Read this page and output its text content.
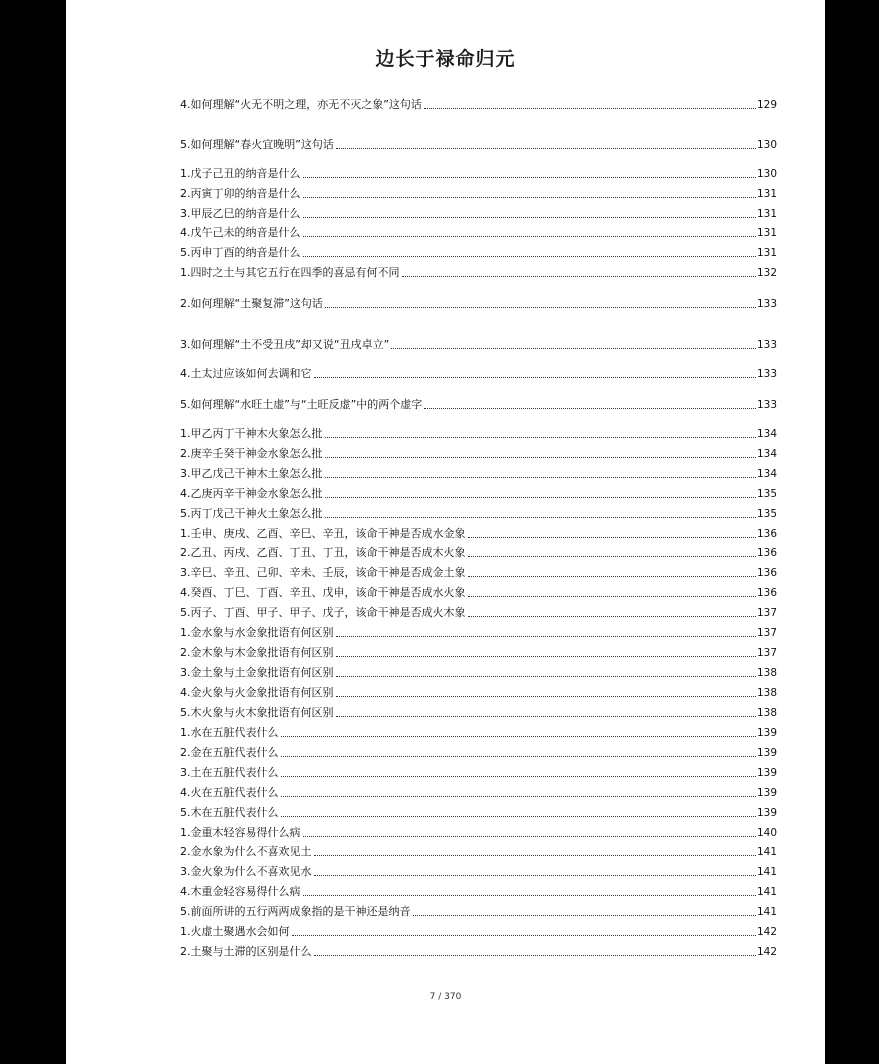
边长于禄命归元
4.如何理解“火无不明之理，亦无不灭之象”这句话	129
5.如何理解“春火宜晚明”这句话	130
1.戊子己丑的纳音是什么	130
2.丙寅丁卯的纳音是什么	131
3.甲辰乙巳的纳音是什么	131
4.戊午己未的纳音是什么	131
5.丙申丁酉的纳音是什么	131
1.四时之土与其它五行在四季的喜忌有何不同	132
2.如何理解“土聚复滞”这句话	133
3.如何理解“土不受丑戌”却又说“丑戌卓立”	133
4.土太过应该如何去调和它	133
5.如何理解“水旺土虚”与“土旺反虚”中的两个虚字	133
1.甲乙丙丁干神木火象怎么批	134
2.庚辛壬癸干神金水象怎么批	134
3.甲乙戊己干神木土象怎么批	134
4.乙庚丙辛干神金水象怎么批	135
5.丙丁戊己干神火土象怎么批	135
1.壬申、庚戌、乙酉、辛巳、辛丑，该命干神是否成水金象	136
2.乙丑、丙戌、乙酉、丁丑、丁丑，该命干神是否成木火象	136
3.辛巳、辛丑、己卯、辛未、壬辰，该命干神是否成金土象	136
4.癸酉、丁巳、丁酉、辛丑、戊申，该命干神是否成水火象	136
5.丙子、丁酉、甲子、甲子、戊子，该命干神是否成火木象	137
1.金水象与水金象批语有何区别	137
2.金木象与木金象批语有何区别	137
3.金土象与土金象批语有何区别	138
4.金火象与火金象批语有何区别	138
5.木火象与火木象批语有何区别	138
1.水在五脏代表什么	139
2.金在五脏代表什么	139
3.土在五脏代表什么	139
4.火在五脏代表什么	139
5.木在五脏代表什么	139
1.金重木轻容易得什么病	140
2.金水象为什么不喜欢见土	141
3.金火象为什么不喜欢见水	141
4.木重金轻容易得什么病	141
5.前面所讲的五行两两成象指的是干神还是纳音	141
1.火虚土聚遇水会如何	142
2.土聚与土滞的区别是什么	142
7 / 370
